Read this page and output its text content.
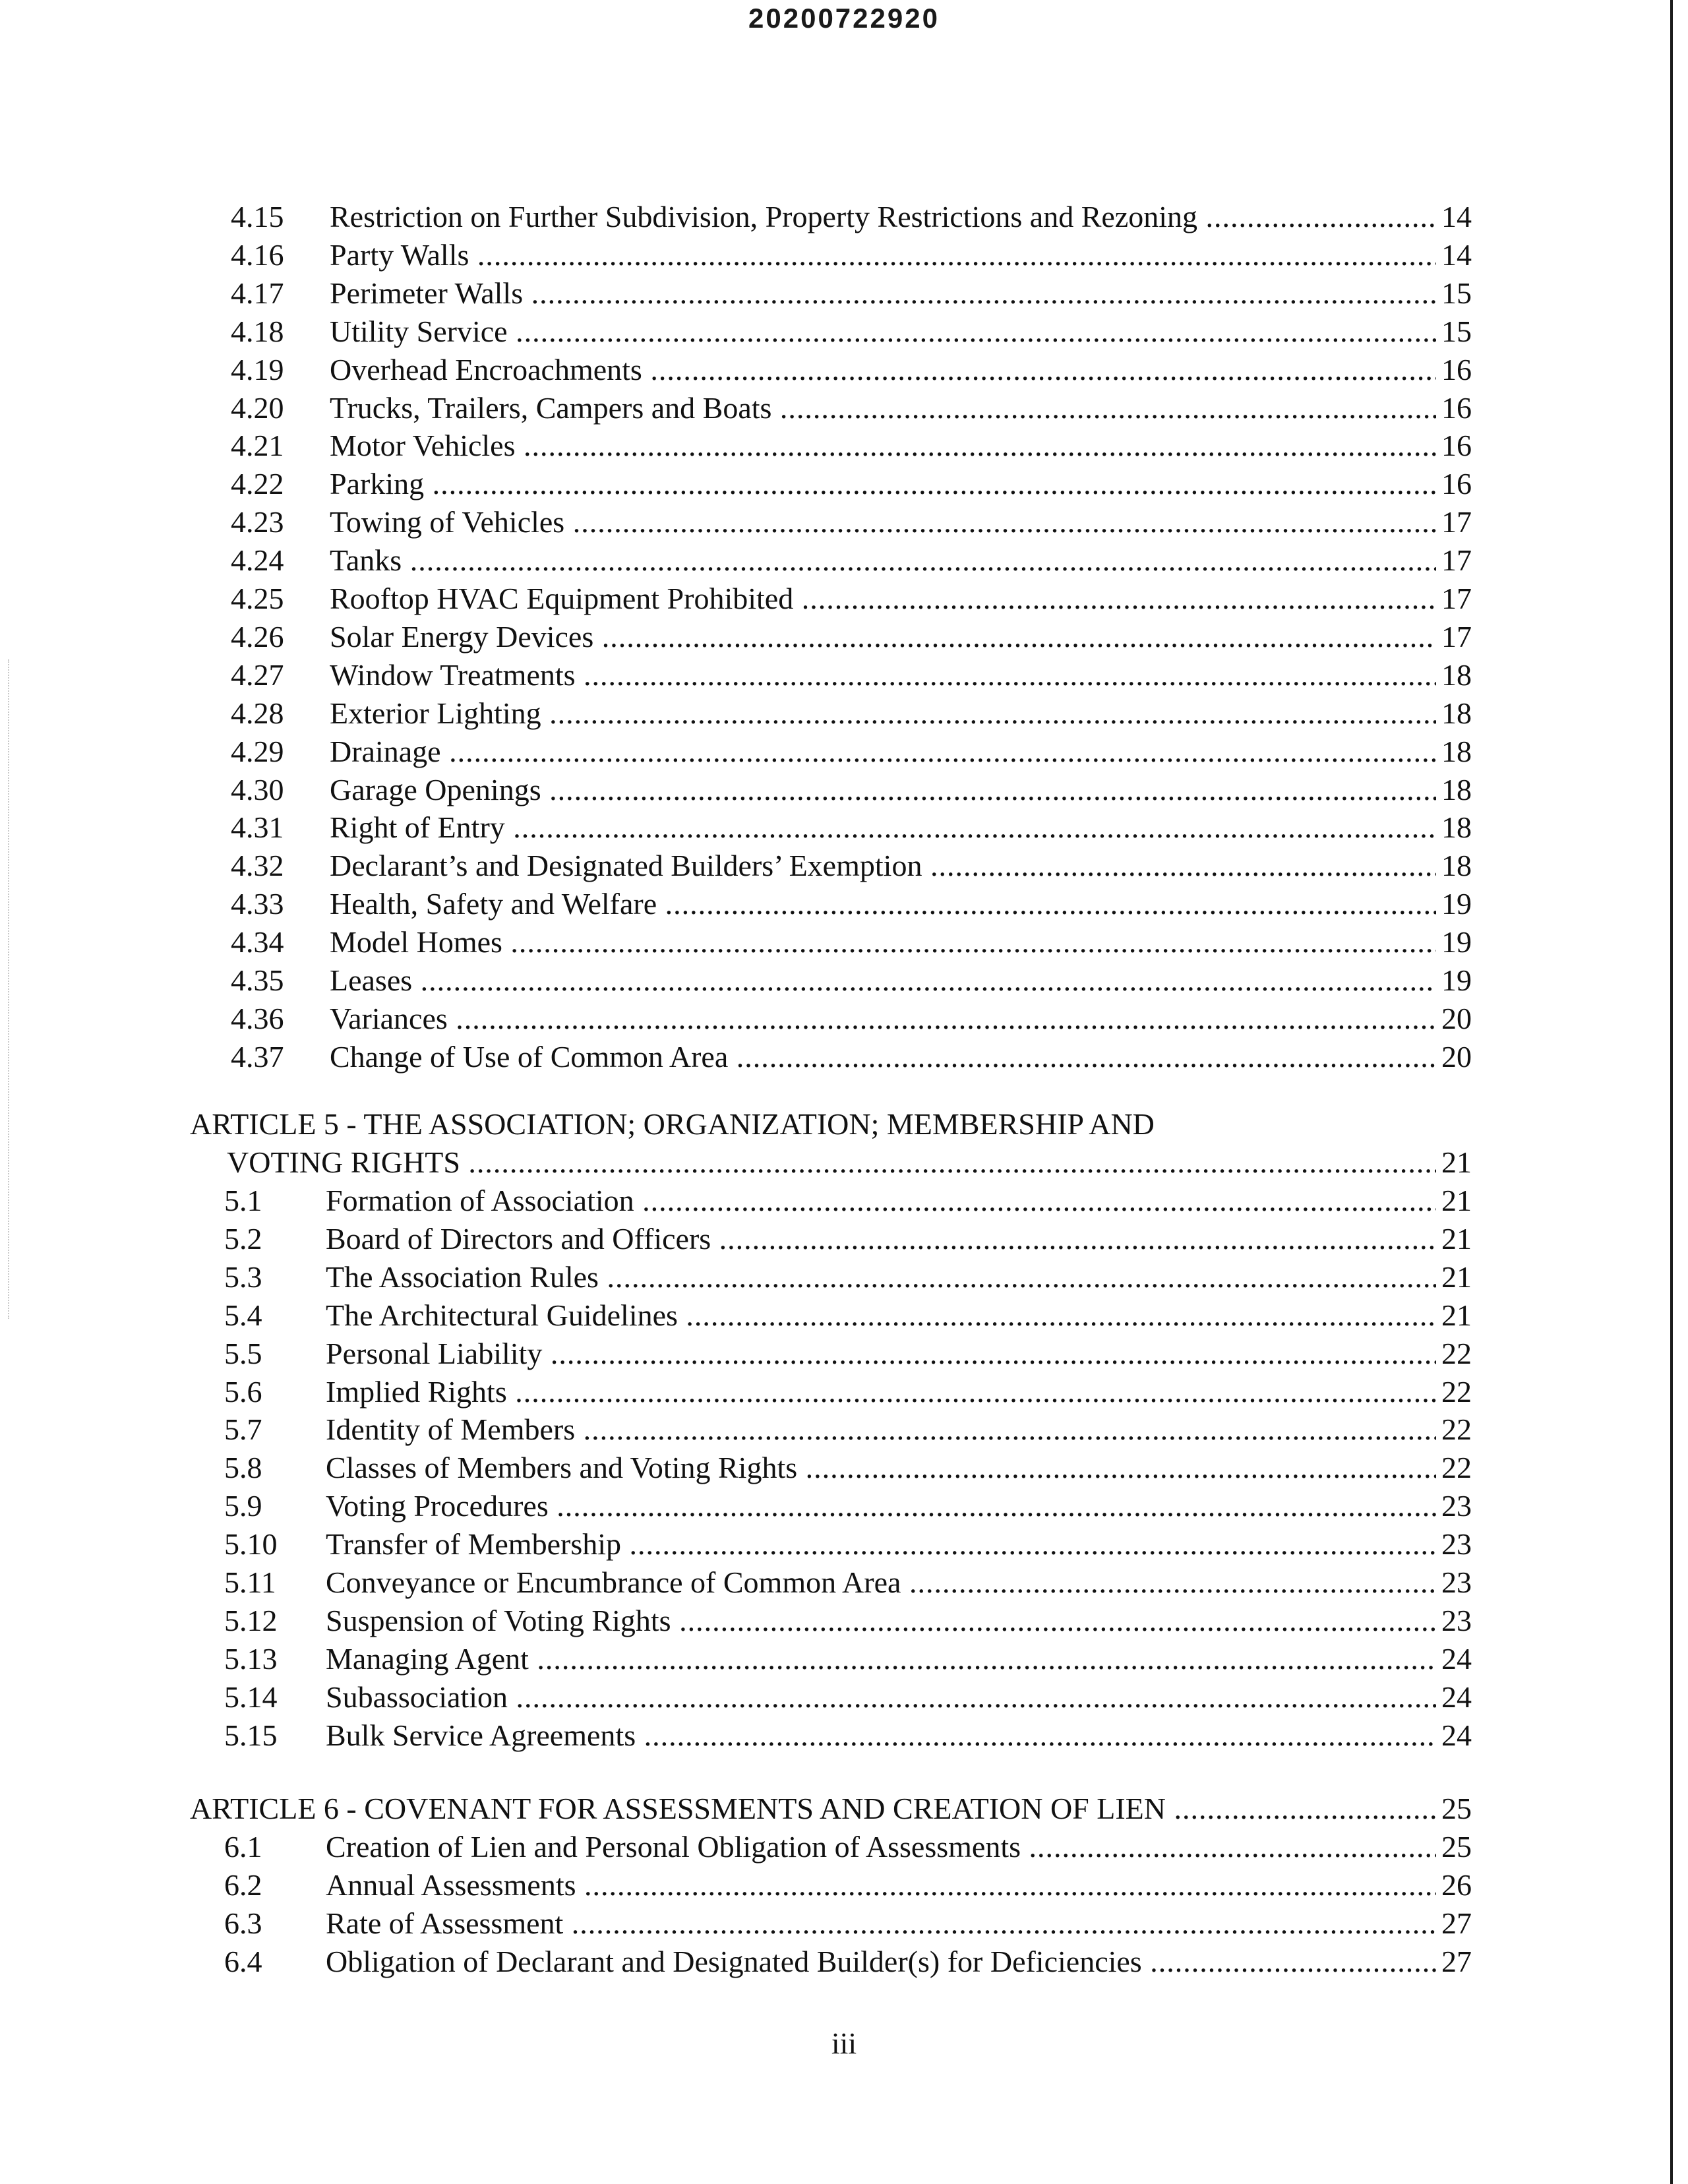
20200722920
4.15 Restriction on Further Subdivision, Property Restrictions and Rezoning .....	14
4.16 Party Walls .....	14
4.17 Perimeter Walls .....	15
4.18 Utility Service .....	15
4.19 Overhead Encroachments .....	16
4.20 Trucks, Trailers, Campers and Boats .....	16
4.21 Motor Vehicles .....	16
4.22 Parking .....	16
4.23 Towing of Vehicles .....	17
4.24 Tanks .....	17
4.25 Rooftop HVAC Equipment Prohibited .....	17
4.26 Solar Energy Devices .....	17
4.27 Window Treatments .....	18
4.28 Exterior Lighting .....	18
4.29 Drainage .....	18
4.30 Garage Openings .....	18
4.31 Right of Entry .....	18
4.32 Declarant’s and Designated Builders’ Exemption .....	18
4.33 Health, Safety and Welfare .....	19
4.34 Model Homes .....	19
4.35 Leases .....	19
4.36 Variances .....	20
4.37 Change of Use of Common Area .....	20
ARTICLE 5 - THE ASSOCIATION; ORGANIZATION; MEMBERSHIP AND
VOTING RIGHTS .....	21
5.1 Formation of Association .....	21
5.2 Board of Directors and Officers .....	21
5.3 The Association Rules .....	21
5.4 The Architectural Guidelines .....	21
5.5 Personal Liability .....	22
5.6 Implied Rights .....	22
5.7 Identity of Members .....	22
5.8 Classes of Members and Voting Rights .....	22
5.9 Voting Procedures .....	23
5.10 Transfer of Membership .....	23
5.11 Conveyance or Encumbrance of Common Area .....	23
5.12 Suspension of Voting Rights .....	23
5.13 Managing Agent .....	24
5.14 Subassociation .....	24
5.15 Bulk Service Agreements .....	24
ARTICLE 6 - COVENANT FOR ASSESSMENTS AND CREATION OF LIEN .....	25
6.1 Creation of Lien and Personal Obligation of Assessments .....	25
6.2 Annual Assessments .....	26
6.3 Rate of Assessment .....	27
6.4 Obligation of Declarant and Designated Builder(s) for Deficiencies .....	27
iii
